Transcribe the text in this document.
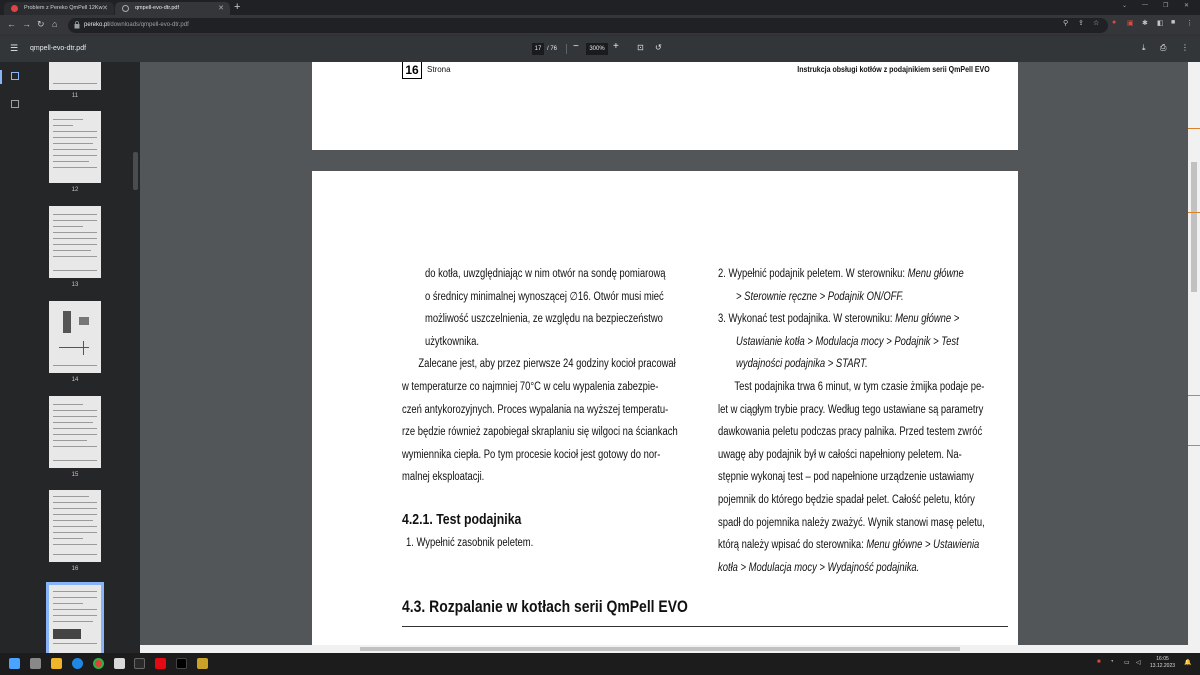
Problem z Pereko QmPell 12Kw ✕	qmpell-evo-dtr.pdf	✕ +	⌄ —	❐	✕
← → ↻ ⌂	pereko.pl/downloads/qmpell-evo-dtr.pdf	⚲ ⇪ ☆ ● ▣ ✱ ◧ ■ ⋮
☰ qmpell-evo-dtr.pdf	17 / 76 −	300% + ⊡ ↺	⤓ ⎙ ⋮
11
12
13
14
15
16
16	Strona	Instrukcja obsługi kotłów z podajnikiem serii QmPell EVO

do kotła, uwzględniając w nim otwór na sondę pomiarową

o średnicy minimalnej wynoszącej ∅16. Otwór musi mieć

możliwość uszczelnienia, ze względu na bezpieczeństwo

użytkownika.

Zalecane jest, aby przez pierwsze 24 godziny kocioł pracował

w temperaturze co najmniej 70°C w celu wypalenia zabezpie-

czeń antykorozyjnych. Proces wypalania na wyższej temperatu-

rze będzie również zapobiegał skraplaniu się wilgoci na ściankach

wymiennika ciepła. Po tym procesie kocioł jest gotowy do nor-

malnej eksploatacji.

4.2.1. Test podajnika
1. Wypełnić zasobnik peletem.

2. Wypełnić podajnik peletem. W sterowniku: Menu główne

> Sterownie ręczne > Podajnik ON/OFF.

3. Wykonać test podajnika. W sterowniku: Menu główne >

Ustawianie kotła > Modulacja mocy > Podajnik > Test

wydajności podajnika > START.

Test podajnika trwa 6 minut, w tym czasie żmijka podaje pe-

let w ciągłym trybie pracy. Według tego ustawiane są parametry

dawkowania peletu podczas pracy palnika. Przed testem zwróć

uwagę aby podajnik był w całości napełniony peletem. Na-

stępnie wykonaj test – pod napełnione urządzenie ustawiamy

pojemnik do którego będzie spadał pelet. Całość peletu, który

spadł do pojemnika należy zważyć. Wynik stanowi masę peletu,

którą należy wpisać do sterownika: Menu główne > Ustawienia

kotła > Modulacja mocy > Wydajność podajnika.

4.3. Rozpalanie w kotłach serii QmPell EVO
■ ◔ ▭ ◁
16:05
13.12.2023 🔔
